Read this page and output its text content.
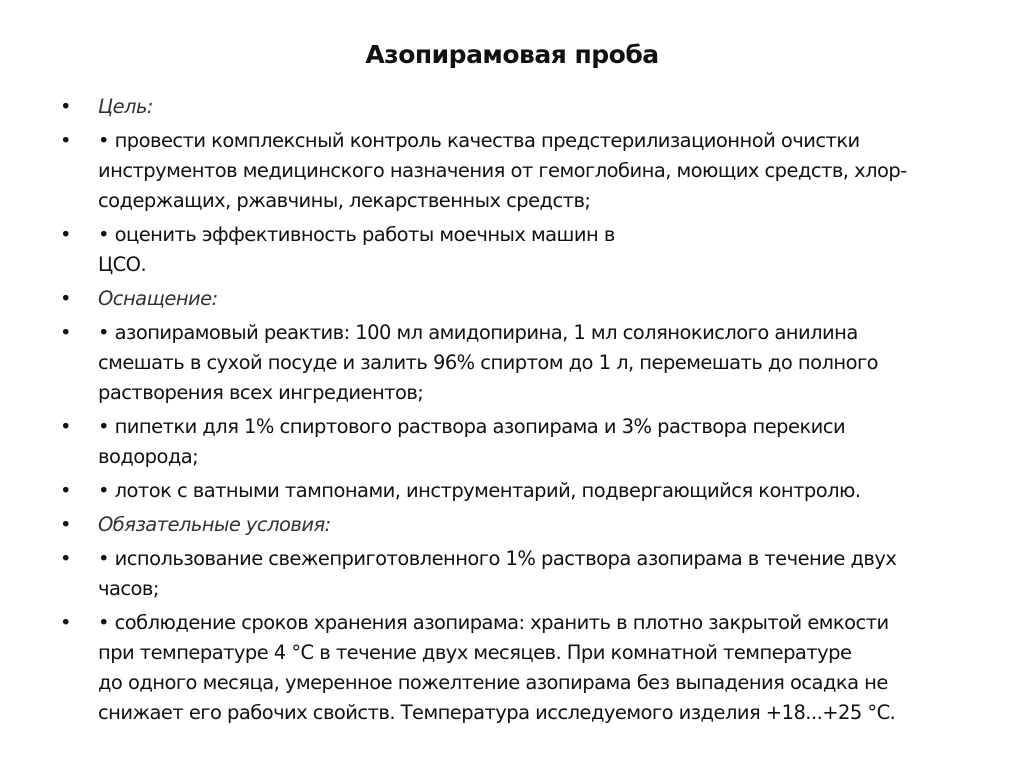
Азопирамовая проба
•	Цель:
•	• провести комплексный контроль качества предстерилизационной очистки
инструментов медицинского назначения от гемоглобина, моющих средств, хлор-
содержащих, ржавчины, лекарственных средств;
•	• оценить эффективность работы моечных машин в
ЦСО.
•	Оснащение:
•	• азопирамовый реактив: 100 мл амидопирина, 1 мл солянокислого анилина
смешать в сухой посуде и залить 96% спиртом до 1 л, перемешать до полного
растворения всех ингредиентов;
•	• пипетки для 1% спиртового раствора азопирама и 3% раствора перекиси
водорода;
•	• лоток с ватными тампонами, инструментарий, подвергающийся контролю.
•	Обязательные условия:
•	• использование свежеприготовленного 1% раствора азопирама в течение двух
часов;
•	• соблюдение сроков хранения азопирама: хранить в плотно закрытой емкости
при температуре 4 °С в течение двух месяцев. При комнатной температуре
до одного месяца, умеренное пожелтение азопирама без выпадения осадка не
снижает его рабочих свойств. Температура исследуемого изделия +18...+25 °С.
